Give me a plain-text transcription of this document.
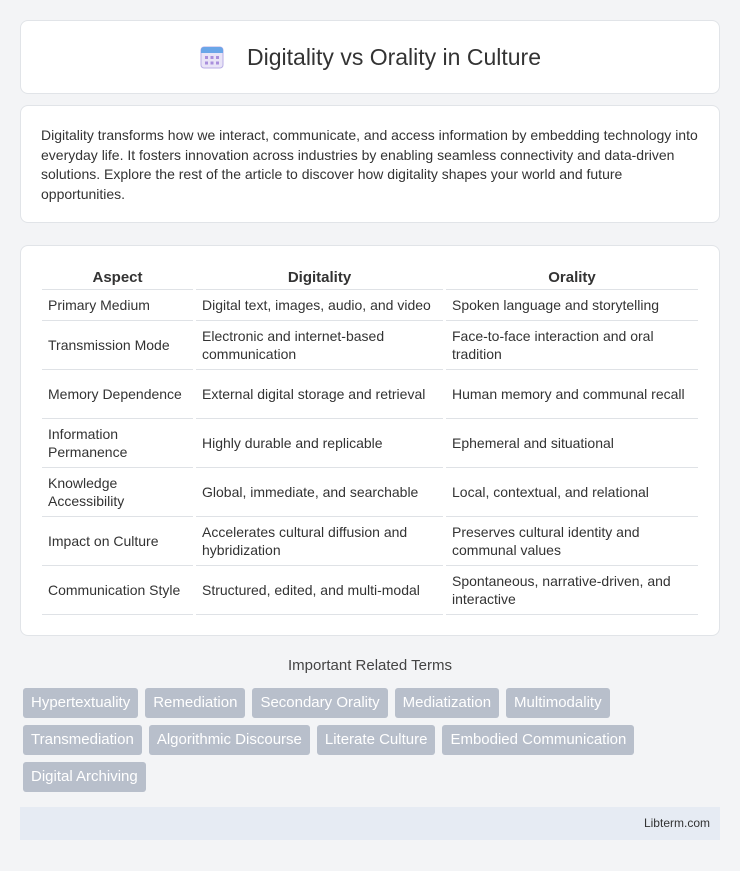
Digitality vs Orality in Culture

Digitality transforms how we interact, communicate, and access information by embedding technology into everyday life. It fosters innovation across industries by enabling seamless connectivity and data-driven solutions. Explore the rest of the article to discover how digitality shapes your world and future opportunities.

Aspect	Digitality	Orality
Primary Medium	Digital text, images, audio, and video	Spoken language and storytelling
Transmission Mode	Electronic and internet-based communication	Face-to-face interaction and oral tradition
Memory Dependence	External digital storage and retrieval	Human memory and communal recall
Information Permanence	Highly durable and replicable	Ephemeral and situational
Knowledge Accessibility	Global, immediate, and searchable	Local, contextual, and relational
Impact on Culture	Accelerates cultural diffusion and hybridization	Preserves cultural identity and communal values
Communication Style	Structured, edited, and multi-modal	Spontaneous, narrative-driven, and interactive
Important Related Terms
Hypertextuality	Remediation	Secondary Orality	Mediatization	Multimodality
Transmediation	Algorithmic Discourse	Literate Culture	Embodied Communication
Digital Archiving
Libterm.com
